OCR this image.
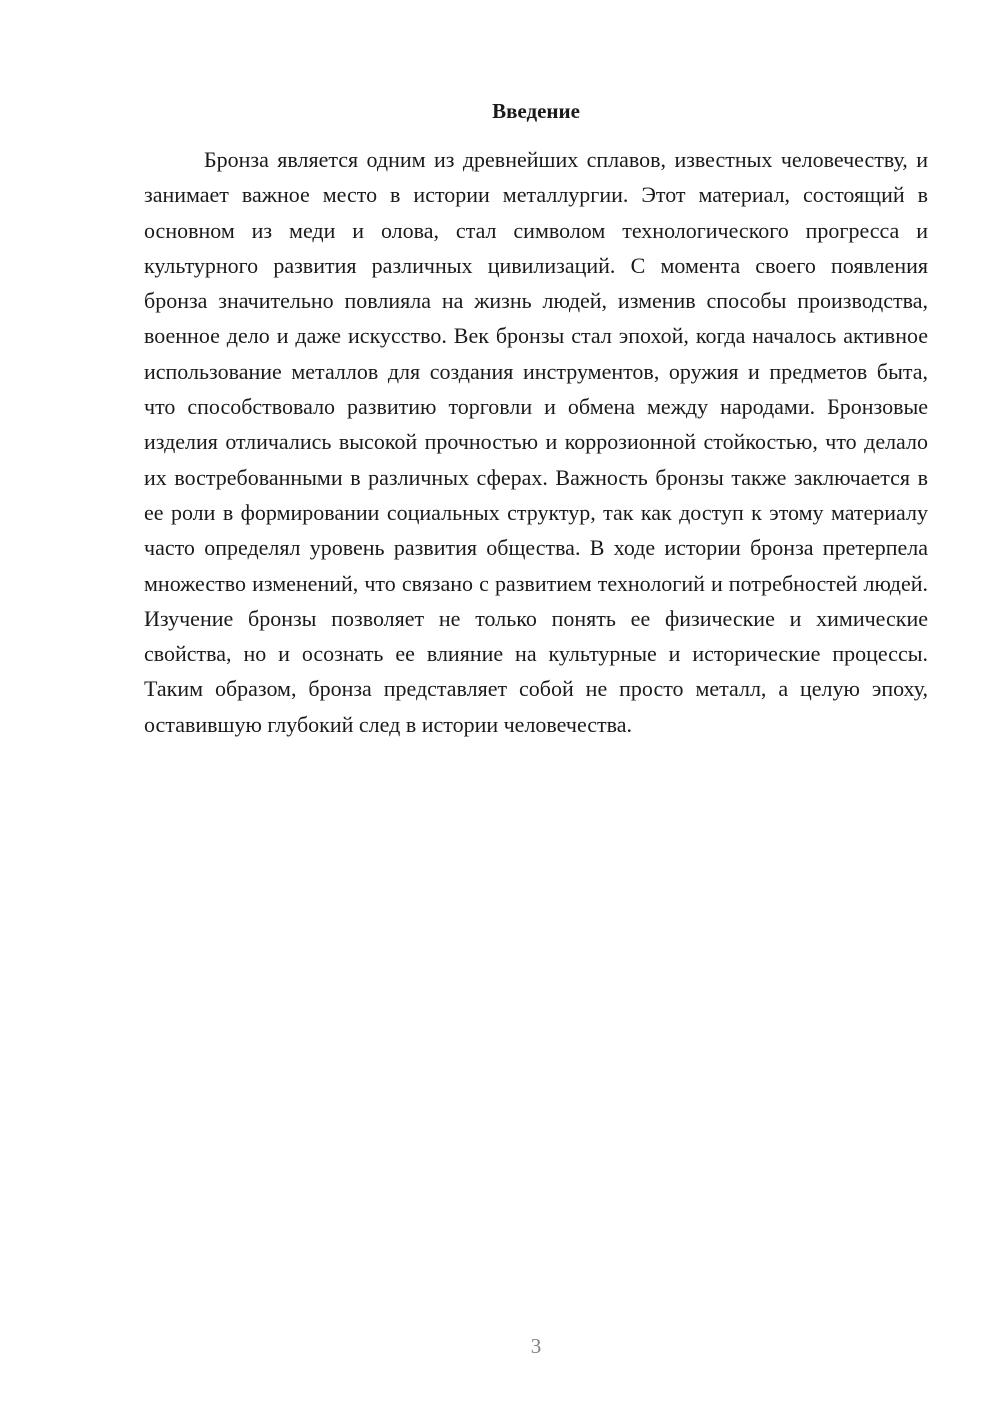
Введение

Бронза является одним из древнейших сплавов, известных человечеству, и занимает важное место в истории металлургии. Этот материал, состоящий в основном из меди и олова, стал символом технологического прогресса и культурного развития различных цивилизаций. С момента своего появления бронза значительно повлияла на жизнь людей, изменив способы производства, военное дело и даже искусство. Век бронзы стал эпохой, когда началось активное использование металлов для создания инструментов, оружия и предметов быта, что способствовало развитию торговли и обмена между народами. Бронзовые изделия отличались высокой прочностью и коррозионной стойкостью, что делало их востребованными в различных сферах. Важность бронзы также заключается в ее роли в формировании социальных структур, так как доступ к этому материалу часто определял уровень развития общества. В ходе истории бронза претерпела множество изменений, что связано с развитием технологий и потребностей людей. Изучение бронзы позволяет не только понять ее физические и химические свойства, но и осознать ее влияние на культурные и исторические процессы. Таким образом, бронза представляет собой не просто металл, а целую эпоху, оставившую глубокий след в истории человечества.

3
